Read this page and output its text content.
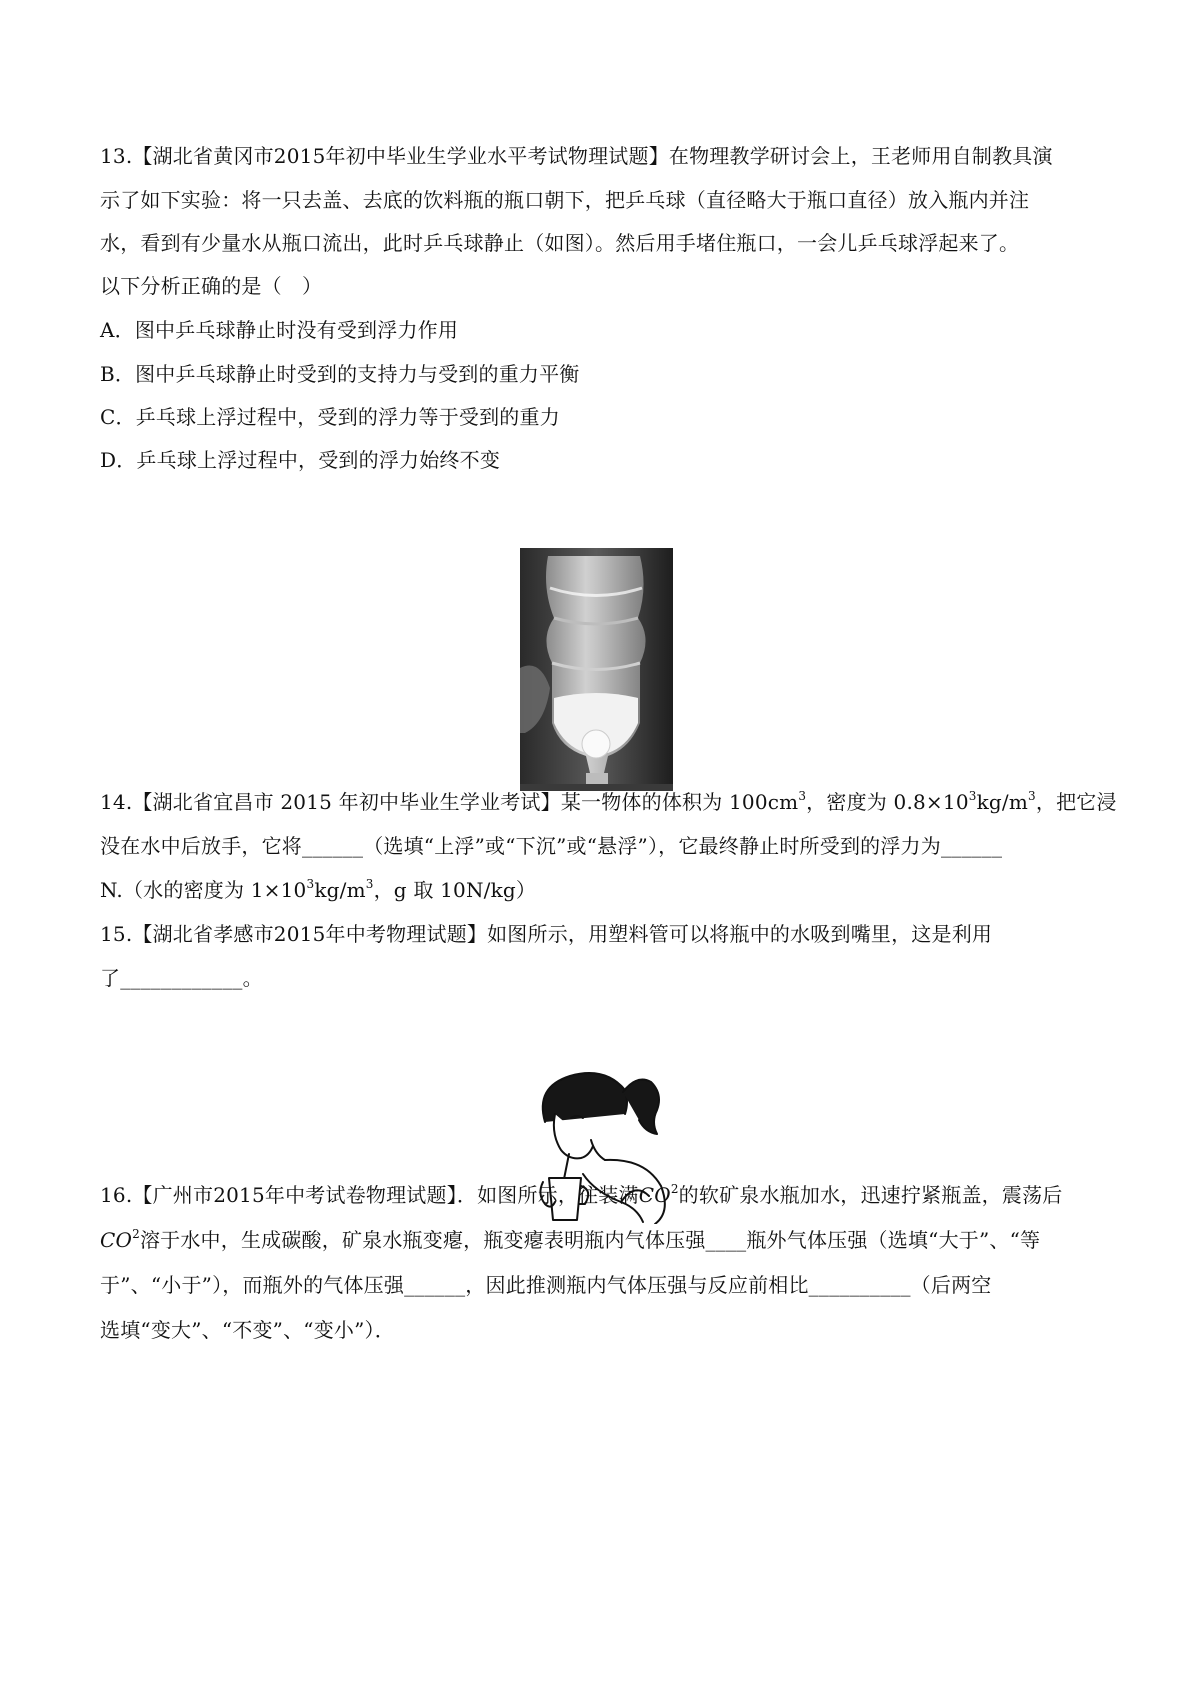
13.【湖北省黄冈市2015年初中毕业生学业水平考试物理试题】在物理教学研讨会上，王老师用自制教具演
示了如下实验：将一只去盖、去底的饮料瓶的瓶口朝下，把乒乓球（直径略大于瓶口直径）放入瓶内并注
水，看到有少量水从瓶口流出，此时乒乓球静止（如图）。然后用手堵住瓶口，一会儿乒乓球浮起来了。
以下分析正确的是（　）
A．图中乒乓球静止时没有受到浮力作用
B．图中乒乓球静止时受到的支持力与受到的重力平衡
C．乒乓球上浮过程中，受到的浮力等于受到的重力
D．乒乓球上浮过程中，受到的浮力始终不变
14.【湖北省宜昌市 2015 年初中毕业生学业考试】某一物体的体积为 $100cm^3$，密度为 $0.8\times 10^3kg/m^3$，把它浸
没在水中后放手，它将______（选填“上浮”或“下沉”或“悬浮”），它最终静止时所受到的浮力为______
N.（水的密度为 $1\times 10^3kg/m^3$，g 取 10N/kg）
15.【湖北省孝感市2015年中考物理试题】如图所示，用塑料管可以将瓶中的水吸到嘴里，这是利用
了____________。
16.【广州市2015年中考试卷物理试题】．如图所示，往装满$CO^2$的软矿泉水瓶加水，迅速拧紧瓶盖，震荡后
$CO^2$溶于水中，生成碳酸，矿泉水瓶变瘪，瓶变瘪表明瓶内气体压强____瓶外气体压强（选填“大于”、“等
于”、“小于”），而瓶外的气体压强______，因此推测瓶内气体压强与反应前相比__________（后两空
选填“变大”、“不变”、“变小”）．
